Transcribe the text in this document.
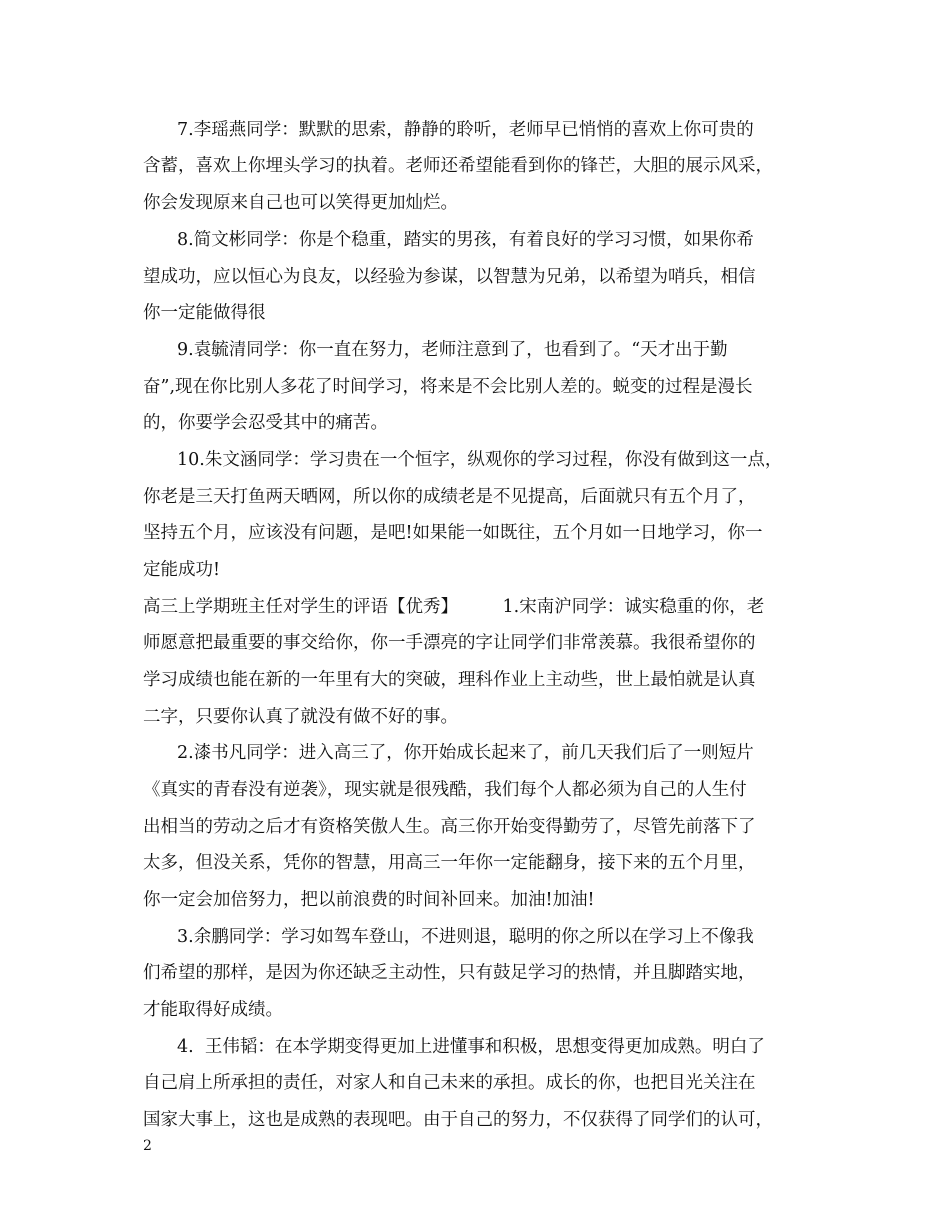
7.李瑶燕同学：默默的思索，静静的聆听，老师早已悄悄的喜欢上你可贵的
含蓄，喜欢上你埋头学习的执着。老师还希望能看到你的锋芒，大胆的展示风采，
你会发现原来自己也可以笑得更加灿烂。
8.简文彬同学：你是个稳重，踏实的男孩，有着良好的学习习惯，如果你希
望成功，应以恒心为良友，以经验为参谋，以智慧为兄弟，以希望为哨兵，相信
你一定能做得很
9.袁毓清同学：你一直在努力，老师注意到了，也看到了。“天才出于勤
奋”,现在你比别人多花了时间学习，将来是不会比别人差的。蜕变的过程是漫长
的，你要学会忍受其中的痛苦。
10.朱文涵同学：学习贵在一个恒字，纵观你的学习过程，你没有做到这一点，
你老是三天打鱼两天晒网，所以你的成绩老是不见提高，后面就只有五个月了，
坚持五个月，应该没有问题，是吧!如果能一如既往，五个月如一日地学习，你一
定能成功!
高三上学期班主任对学生的评语【优秀】        1.宋南沪同学：诚实稳重的你，老
师愿意把最重要的事交给你，你一手漂亮的字让同学们非常羡慕。我很希望你的
学习成绩也能在新的一年里有大的突破，理科作业上主动些，世上最怕就是认真
二字，只要你认真了就没有做不好的事。
2.漆书凡同学：进入高三了，你开始成长起来了，前几天我们后了一则短片
《真实的青春没有逆袭》，现实就是很残酷，我们每个人都必须为自己的人生付
出相当的劳动之后才有资格笑傲人生。高三你开始变得勤劳了，尽管先前落下了
太多，但没关系，凭你的智慧，用高三一年你一定能翻身，接下来的五个月里，
你一定会加倍努力，把以前浪费的时间补回来。加油!加油!
3.余鹏同学：学习如驾车登山，不进则退，聪明的你之所以在学习上不像我
们希望的那样，是因为你还缺乏主动性，只有鼓足学习的热情，并且脚踏实地，
才能取得好成绩。
4.  王伟韬：在本学期变得更加上进懂事和积极，思想变得更加成熟。明白了
自己肩上所承担的责任，对家人和自己未来的承担。成长的你，也把目光关注在
国家大事上，这也是成熟的表现吧。由于自己的努力，不仅获得了同学们的认可，
2
